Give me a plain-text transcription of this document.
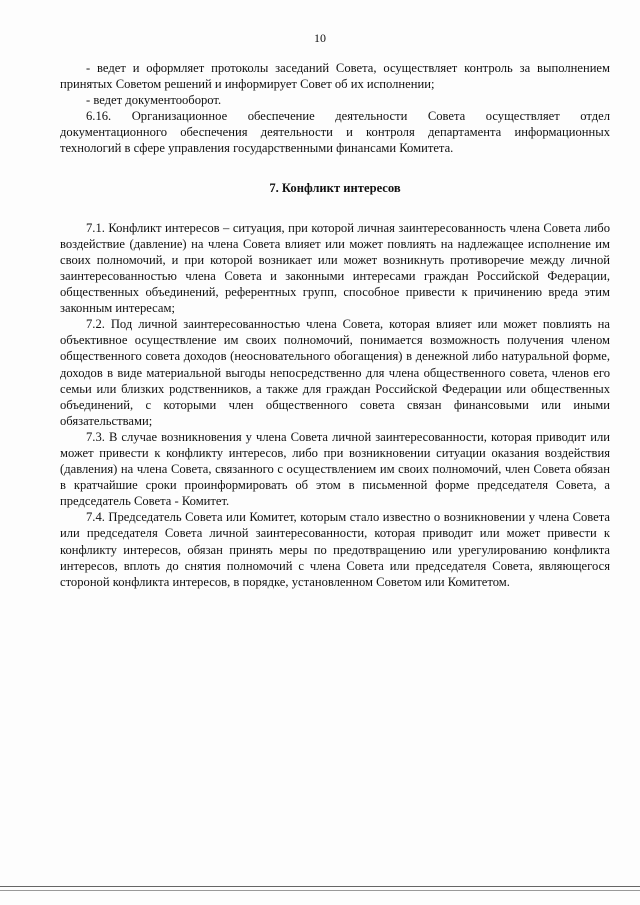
10

- ведет и оформляет протоколы заседаний Совета, осуществляет контроль за выполнением принятых Советом решений и информирует Совет об их исполнении;

- ведет документооборот.

6.16. Организационное обеспечение деятельности Совета осуществляет отдел документационного обеспечения деятельности и контроля департамента информационных технологий в сфере управления государственными финансами Комитета.

7. Конфликт интересов

7.1. Конфликт интересов – ситуация, при которой личная заинтересованность члена Совета либо воздействие (давление) на члена Совета влияет или может повлиять на надлежащее исполнение им своих полномочий, и при которой возникает или может возникнуть противоречие между личной заинтересованностью члена Совета и законными интересами граждан Российской Федерации, общественных объединений, референтных групп, способное привести к причинению вреда этим законным интересам;

7.2. Под личной заинтересованностью члена Совета, которая влияет или может повлиять на объективное осуществление им своих полномочий, понимается возможность получения членом общественного совета доходов (неосновательного обогащения) в денежной либо натуральной форме, доходов в виде материальной выгоды непосредственно для члена общественного совета, членов его семьи или близких родственников, а также для граждан Российской Федерации или общественных объединений, с которыми член общественного совета связан финансовыми или иными обязательствами;

7.3. В случае возникновения у члена Совета личной заинтересованности, которая приводит или может привести к конфликту интересов, либо при возникновении ситуации оказания воздействия (давления) на члена Совета, связанного с осуществлением им своих полномочий, член Совета обязан в кратчайшие сроки проинформировать об этом в письменной форме председателя Совета, а председатель Совета - Комитет.

7.4. Председатель Совета или Комитет, которым стало известно о возникновении у члена Совета или председателя Совета личной заинтересованности, которая приводит или может привести к конфликту интересов, обязан принять меры по предотвращению или урегулированию конфликта интересов, вплоть до снятия полномочий с члена Совета или председателя Совета, являющегося стороной конфликта интересов, в порядке, установленном Советом или Комитетом.
